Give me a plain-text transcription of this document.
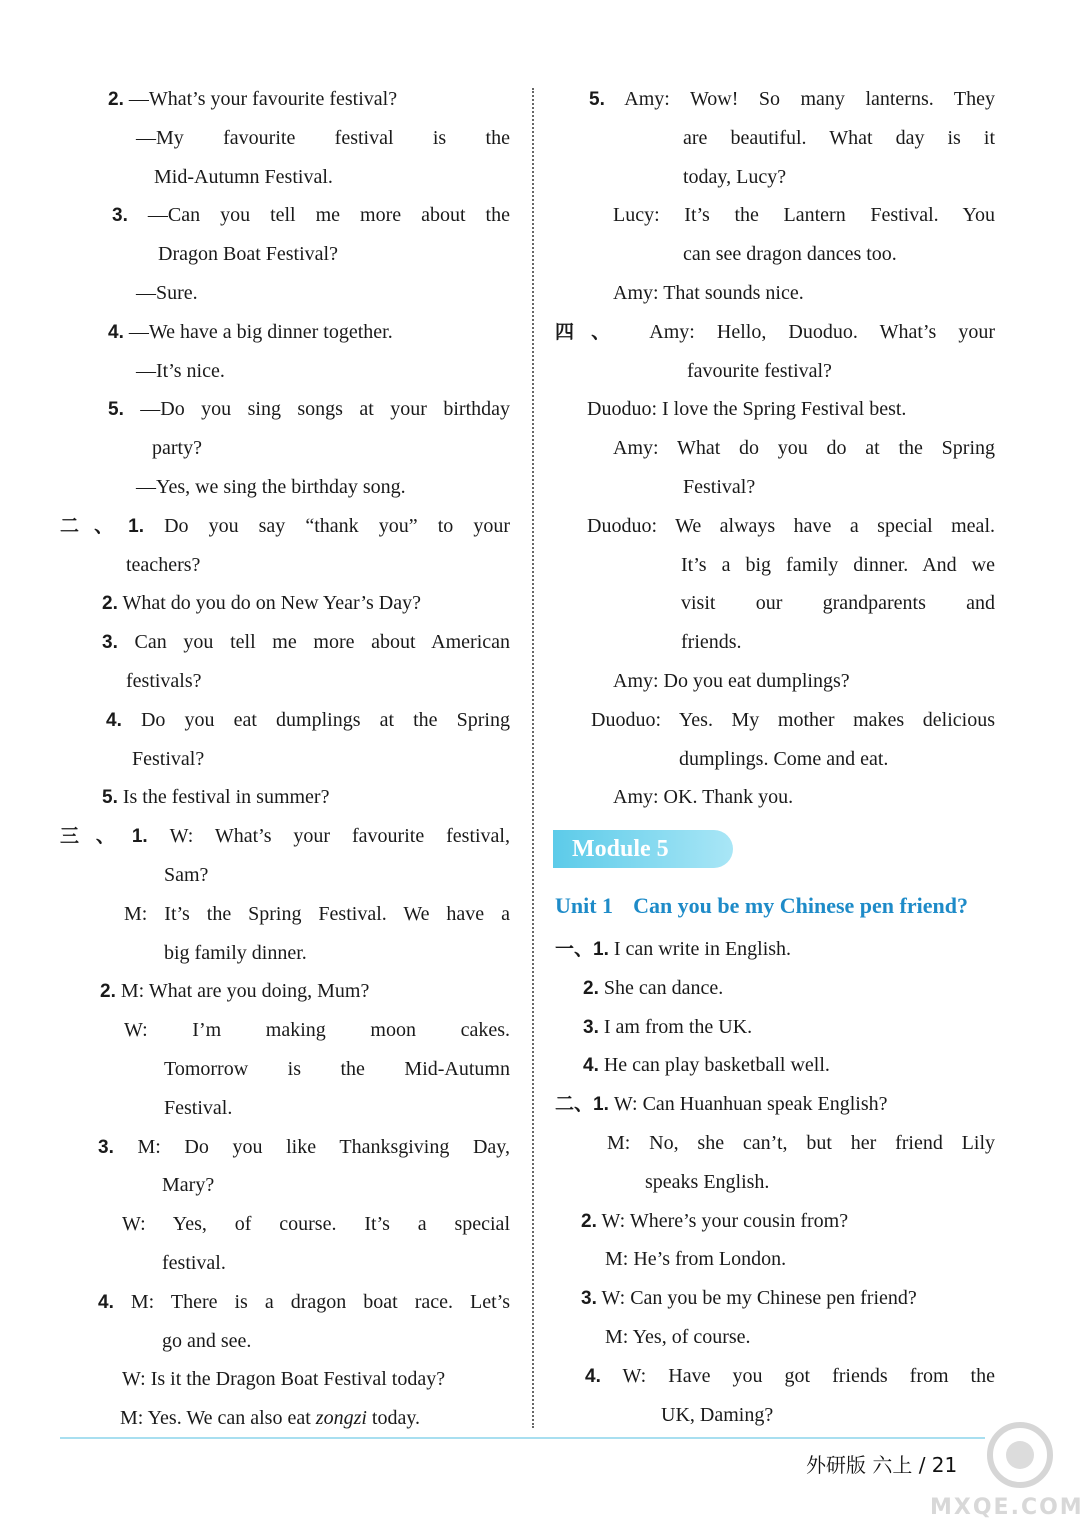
2. —What’s your favourite festival?
—My favourite festival is the
Mid-Autumn Festival.
3. —Can you tell me more about the
Dragon Boat Festival?
—Sure.
4. —We have a big dinner together.
—It’s nice.
5. —Do you sing songs at your birthday
party?
—Yes, we sing the birthday song.
二、1. Do you say “thank you” to your
teachers?
2. What do you do on New Year’s Day?
3. Can you tell me more about American
festivals?
4. Do you eat dumplings at the Spring
Festival?
5. Is the festival in summer?
三、1. W: What’s your favourite festival,
Sam?
M: It’s the Spring Festival. We have a
big family dinner.
2. M: What are you doing, Mum?
W: I’m making moon cakes.
Tomorrow is the Mid-Autumn
Festival.
3. M: Do you like Thanksgiving Day,
Mary?
W: Yes, of course. It’s a special
festival.
4. M: There is a dragon boat race. Let’s
go and see.
W: Is it the Dragon Boat Festival today?
M: Yes. We can also eat zongzi today.
5. Amy: Wow! So many lanterns. They
are beautiful. What day is it
today, Lucy?
Lucy: It’s the Lantern Festival. You
can see dragon dances too.
Amy: That sounds nice.
四、 Amy: Hello, Duoduo. What’s your
favourite festival?
Duoduo: I love the Spring Festival best.
Amy: What do you do at the Spring
Festival?
Duoduo: We always have a special meal.
It’s a big family dinner. And we
visit our grandparents and
friends.
Amy: Do you eat dumplings?
Duoduo: Yes. My mother makes delicious
dumplings. Come and eat.
Amy: OK. Thank you.
Module 5
Unit 1 Can you be my Chinese pen friend?
一、1. I can write in English.
2. She can dance.
3. I am from the UK.
4. He can play basketball well.
二、1. W: Can Huanhuan speak English?
M: No, she can’t, but her friend Lily
speaks English.
2. W: Where’s your cousin from?
M: He’s from London.
3. W: Can you be my Chinese pen friend?
M: Yes, of course.
4. W: Have you got friends from the
UK, Daming?
外研版 六上 / 21
MXQE.COM
